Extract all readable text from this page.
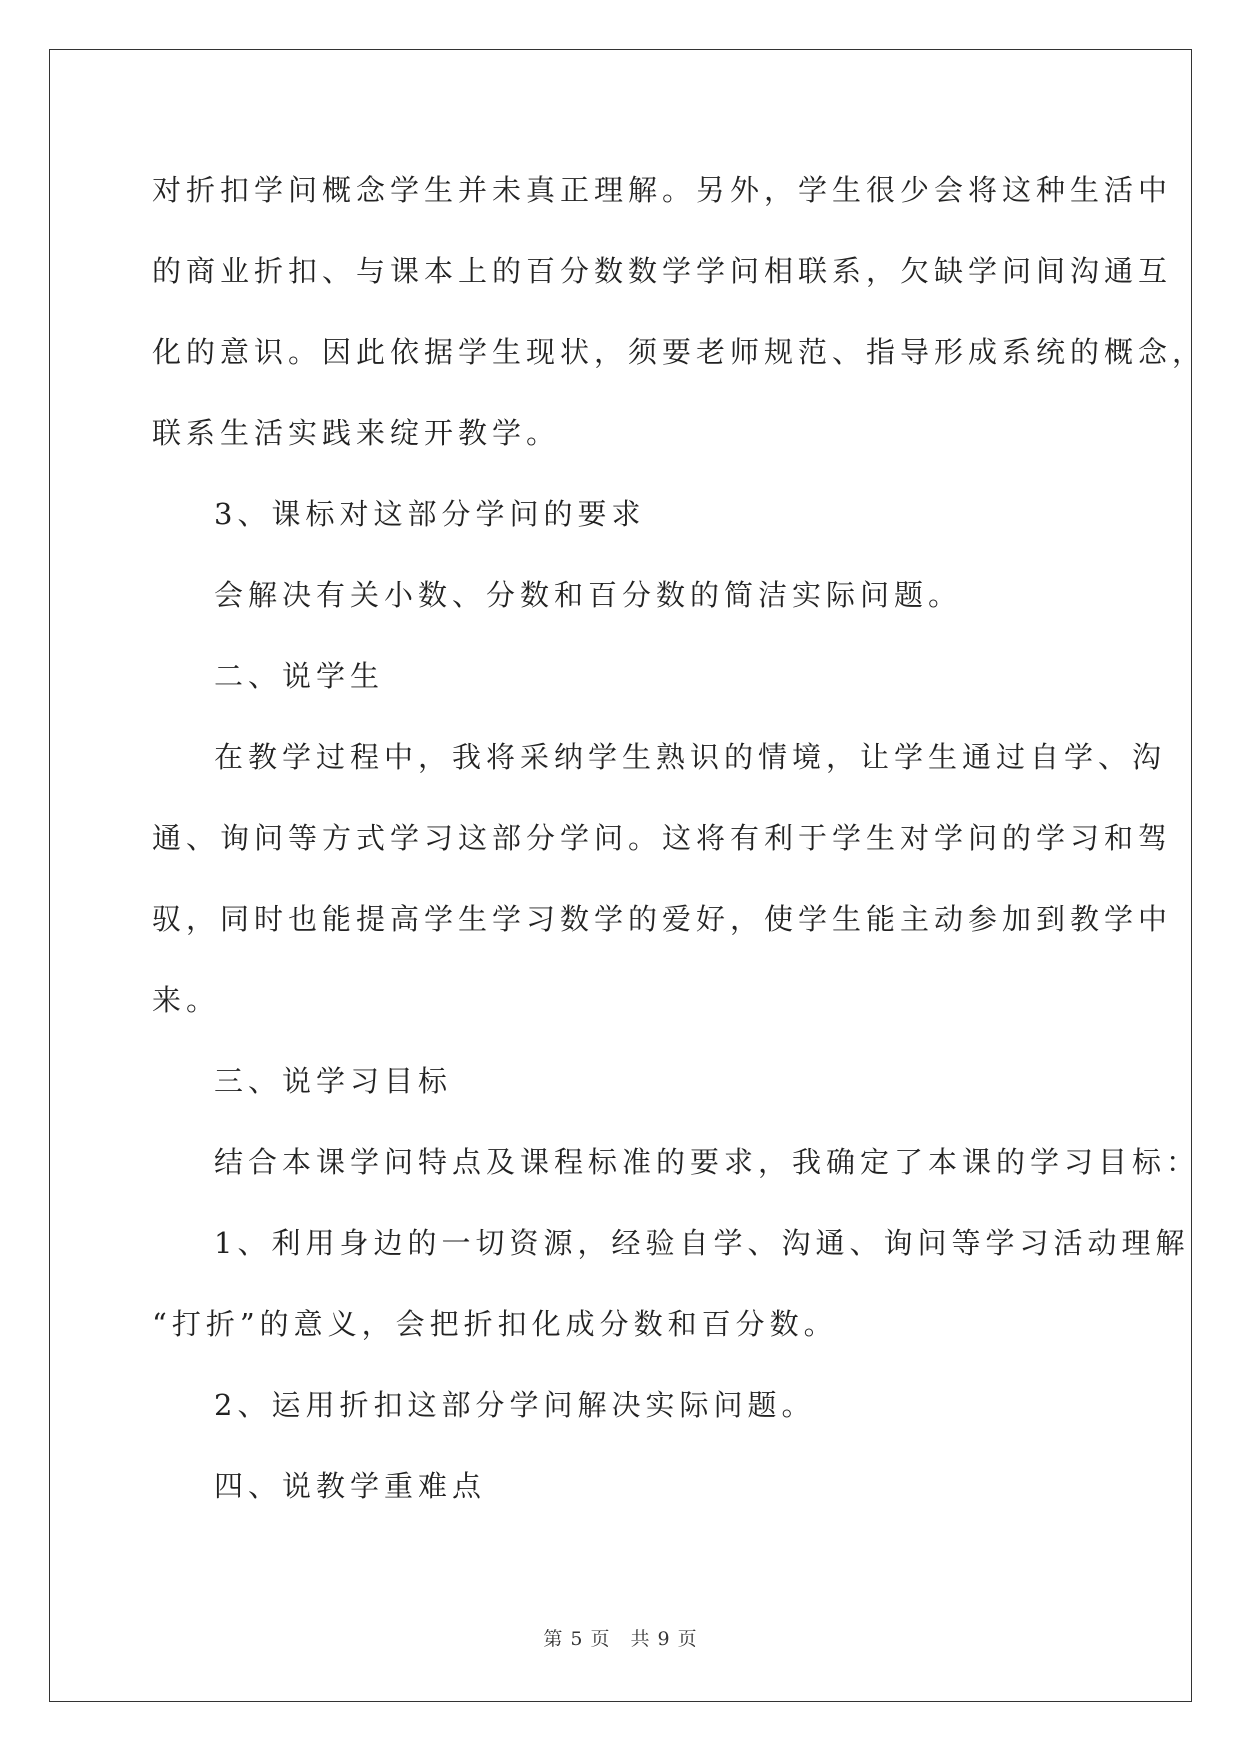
对折扣学问概念学生并未真正理解。另外，学生很少会将这种生活中

的商业折扣、与课本上的百分数数学学问相联系，欠缺学问间沟通互

化的意识。因此依据学生现状，须要老师规范、指导形成系统的概念，

联系生活实践来绽开教学。

3、课标对这部分学问的要求

会解决有关小数、分数和百分数的简洁实际问题。

二、说学生

在教学过程中，我将采纳学生熟识的情境，让学生通过自学、沟

通、询问等方式学习这部分学问。这将有利于学生对学问的学习和驾

驭，同时也能提高学生学习数学的爱好，使学生能主动参加到教学中

来。

三、说学习目标

结合本课学问特点及课程标准的要求，我确定了本课的学习目标：

1、利用身边的一切资源，经验自学、沟通、询问等学习活动理解

“打折”的意义，会把折扣化成分数和百分数。

2、运用折扣这部分学问解决实际问题。

四、说教学重难点

第 5 页　共 9 页
